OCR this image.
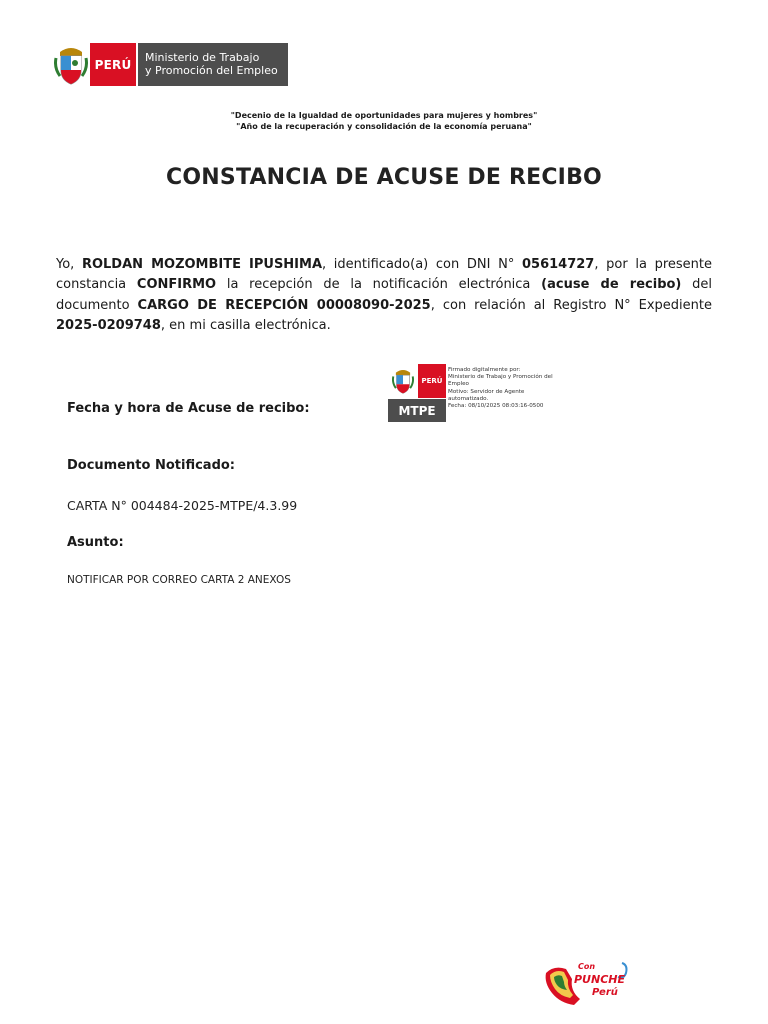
PERÚ	Ministerio de Trabajo
y Promoción del Empleo
"Decenio de la Igualdad de oportunidades para mujeres y hombres"
"Año de la recuperación y consolidación de la economía peruana"
CONSTANCIA DE ACUSE DE RECIBO
Yo, ROLDAN MOZOMBITE IPUSHIMA, identificado(a) con DNI N° 05614727, por la presente constancia CONFIRMO la recepción de la notificación electrónica (acuse de recibo) del documento CARGO DE RECEPCIÓN 00008090-2025, con relación al Registro N° Expediente 2025-0209748, en mi casilla electrónica.
Fecha y hora de Acuse de recibo:
PERÚ
MTPE
Firmado digitalmente por:
Ministerio de Trabajo y Promoción del Empleo
Motivo: Servidor de Agente automatizado.
Fecha: 08/10/2025 08:03:16-0500
Documento Notificado:
CARTA N° 004484-2025-MTPE/4.3.99
Asunto:
NOTIFICAR POR CORREO CARTA 2 ANEXOS
Con
PUNCHE
Perú
